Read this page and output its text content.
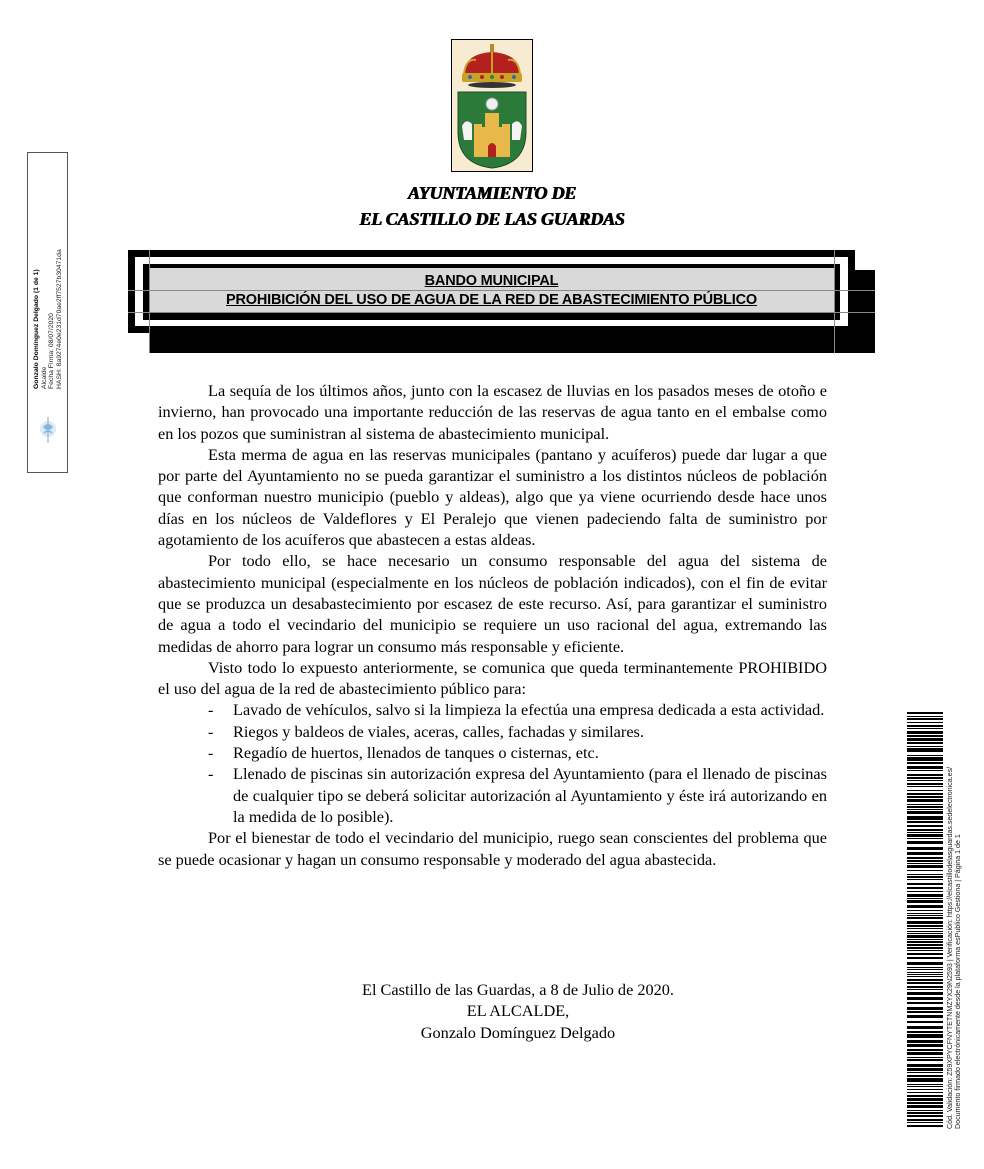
Gonzalo Domínguez Delgado (1 de 1) Alcalde Fecha Firma: 08/07/2020 HASH: 8a9274e0e231d70ae2ff7527b30471da
Cód. Validación: Z59XPYCFNYTETNMZYX29N2593 | Verificación: https://elcastillodelasguardas.sedelectronica.es/ Documento firmado electrónicamente desde la plataforma esPublico Gestiona | Página 1 de 1
AYUNTAMIENTO DE
EL CASTILLO DE LAS GUARDAS
BANDO MUNICIPAL
PROHIBICIÓN DEL USO DE AGUA DE LA RED DE ABASTECIMIENTO PÚBLICO

La sequía de los últimos años, junto con la escasez de lluvias en los pasados meses de otoño e invierno, han provocado una importante reducción de las reservas de agua tanto en el embalse como en los pozos que suministran al sistema de abastecimiento municipal.

Esta merma de agua en las reservas municipales (pantano y acuíferos) puede dar lugar a que por parte del Ayuntamiento no se pueda garantizar el suministro a los distintos núcleos de población que conforman nuestro municipio (pueblo y aldeas), algo que ya viene ocurriendo desde hace unos días en los núcleos de Valdeflores y El Peralejo que vienen padeciendo falta de suministro por agotamiento de los acuíferos que abastecen a estas aldeas.

Por todo ello, se hace necesario un consumo responsable del agua del sistema de abastecimiento municipal (especialmente en los núcleos de población indicados), con el fin de evitar que se produzca un desabastecimiento por escasez de este recurso. Así, para garantizar el suministro de agua a todo el vecindario del municipio se requiere un uso racional del agua, extremando las medidas de ahorro para lograr un consumo más responsable y eficiente.

Visto todo lo expuesto anteriormente, se comunica que queda terminantemente PROHIBIDO el uso del agua de la red de abastecimiento público para:

- Lavado de vehículos, salvo si la limpieza la efectúa una empresa dedicada a esta actividad.
- Riegos y baldeos de viales, aceras, calles, fachadas y similares.
- Regadío de huertos, llenados de tanques o cisternas, etc.
- Llenado de piscinas sin autorización expresa del Ayuntamiento (para el llenado de piscinas de cualquier tipo se deberá solicitar autorización al Ayuntamiento y éste irá autorizando en la medida de lo posible).

Por el bienestar de todo el vecindario del municipio, ruego sean conscientes del problema que se puede ocasionar y hagan un consumo responsable y moderado del agua abastecida.

El Castillo de las Guardas, a 8 de Julio de 2020.
EL ALCALDE,
Gonzalo Domínguez Delgado
